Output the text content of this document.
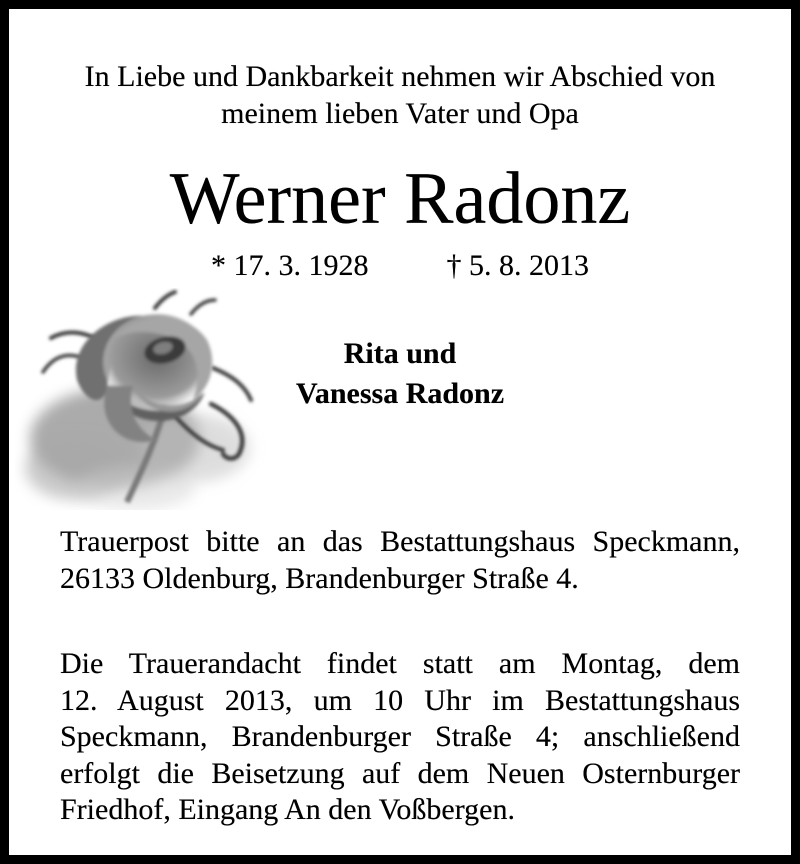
In Liebe und Dankbarkeit nehmen wir Abschied von
meinem lieben Vater und Opa
Werner Radonz
* 17. 3. 1928	† 5. 8. 2013
Rita und
Vanessa Radonz
Trauerpost bitte an das Bestattungshaus Speckmann,
26133 Oldenburg, Brandenburger Straße 4.
Die Trauerandacht findet statt am Montag, dem
12. August 2013, um 10 Uhr im Bestattungshaus
Speckmann, Brandenburger Straße 4; anschließend
erfolgt die Beisetzung auf dem Neuen Osternburger
Friedhof, Eingang An den Voßbergen.
